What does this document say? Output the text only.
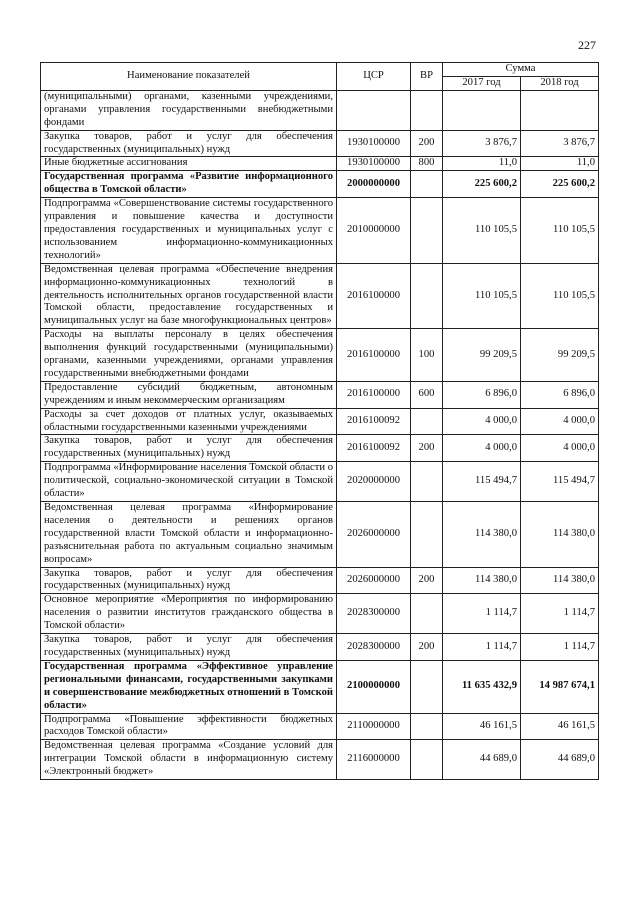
227
Наименование показателей	ЦСР	ВР	Сумма	
			2017 год	2018 год
(муниципальными) органами, казенными учреждениями, органами управления государственными внебюджетными фондами				
Закупка товаров, работ и услуг для обеспечения государственных (муниципальных) нужд	1930100000	200	3 876,7	3 876,7
Иные бюджетные ассигнования	1930100000	800	11,0	11,0
Государственная программа «Развитие информационного общества в Томской области»	2000000000		225 600,2	225 600,2
Подпрограмма «Совершенствование системы государственного управления и повышение качества и доступности предоставления государственных и муниципальных услуг с использованием информационно-коммуникационных технологий»	2010000000		110 105,5	110 105,5
Ведомственная целевая программа «Обеспечение внедрения информационно-коммуникационных технологий в деятельность исполнительных органов государственной власти Томской области, предоставление государственных и муниципальных услуг на базе многофункциональных центров»	2016100000		110 105,5	110 105,5
Расходы на выплаты персоналу в целях обеспечения выполнения функций государственными (муниципальными) органами, казенными учреждениями, органами управления государственными внебюджетными фондами	2016100000	100	99 209,5	99 209,5
Предоставление субсидий бюджетным, автономным учреждениям и иным некоммерческим организациям	2016100000	600	6 896,0	6 896,0
Расходы за счет доходов от платных услуг, оказываемых областными государственными казенными учреждениями	2016100092		4 000,0	4 000,0
Закупка товаров, работ и услуг для обеспечения государственных (муниципальных) нужд	2016100092	200	4 000,0	4 000,0
Подпрограмма «Информирование населения Томской области о политической, социально-экономической ситуации в Томской области»	2020000000		115 494,7	115 494,7
Ведомственная целевая программа «Информирование населения о деятельности и решениях органов государственной власти Томской области и информационно-разъяснительная работа по актуальным социально значимым вопросам»	2026000000		114 380,0	114 380,0
Закупка товаров, работ и услуг для обеспечения государственных (муниципальных) нужд	2026000000	200	114 380,0	114 380,0
Основное мероприятие «Мероприятия по информированию населения о развитии институтов гражданского общества в Томской области»	2028300000		1 114,7	1 114,7
Закупка товаров, работ и услуг для обеспечения государственных (муниципальных) нужд	2028300000	200	1 114,7	1 114,7
Государственная программа «Эффективное управление региональными финансами, государственными закупками и совершенствование межбюджетных отношений в Томской области»	2100000000		11 635 432,9	14 987 674,1
Подпрограмма «Повышение эффективности бюджетных расходов Томской области»	2110000000		46 161,5	46 161,5
Ведомственная целевая программа «Создание условий для интеграции Томской области в информационную систему «Электронный бюджет»	2116000000		44 689,0	44 689,0
